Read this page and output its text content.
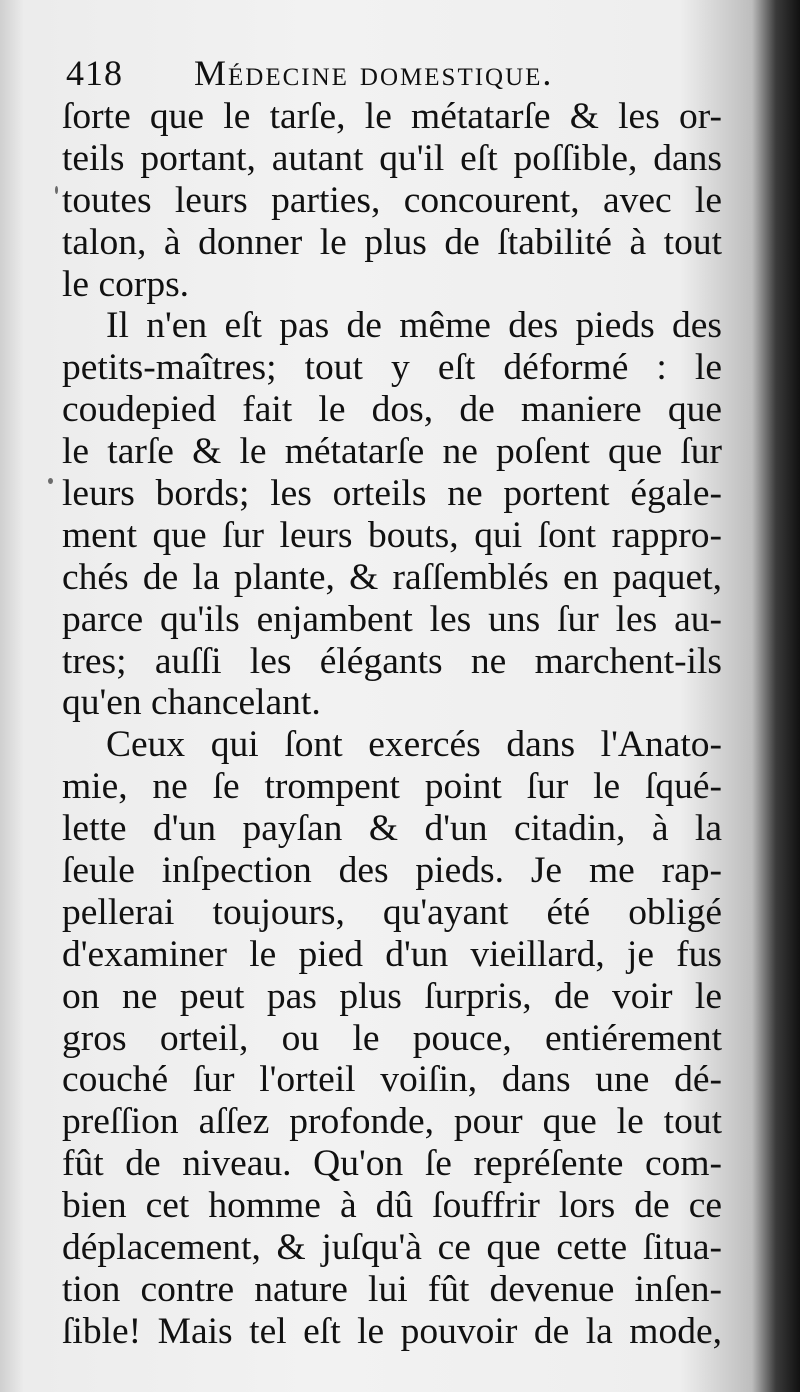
418 Médecine domestique.
ſorte que le tarſe, le métatarſe & les or-
teils portant, autant qu'il eſt poſſible, dans
toutes leurs parties, concourent, avec le
talon, à donner le plus de ſtabilité à tout
le corps.
Il n'en eſt pas de même des pieds des
petits-maîtres; tout y eſt déformé : le
coudepied fait le dos, de maniere que
le tarſe & le métatarſe ne poſent que ſur
leurs bords; les orteils ne portent égale-
ment que ſur leurs bouts, qui ſont rappro-
chés de la plante, & raſſemblés en paquet,
parce qu'ils enjambent les uns ſur les au-
tres; auſſi les élégants ne marchent-ils
qu'en chancelant.
Ceux qui ſont exercés dans l'Anato-
mie, ne ſe trompent point ſur le ſqué-
lette d'un payſan & d'un citadin, à la
ſeule inſpection des pieds. Je me rap-
pellerai toujours, qu'ayant été obligé
d'examiner le pied d'un vieillard, je fus
on ne peut pas plus ſurpris, de voir le
gros orteil, ou le pouce, entiérement
couché ſur l'orteil voiſin, dans une dé-
preſſion aſſez profonde, pour que le tout
fût de niveau. Qu'on ſe repréſente com-
bien cet homme à dû ſouffrir lors de ce
déplacement, & juſqu'à ce que cette ſitua-
tion contre nature lui fût devenue inſen-
ſible! Mais tel eſt le pouvoir de la mode,
